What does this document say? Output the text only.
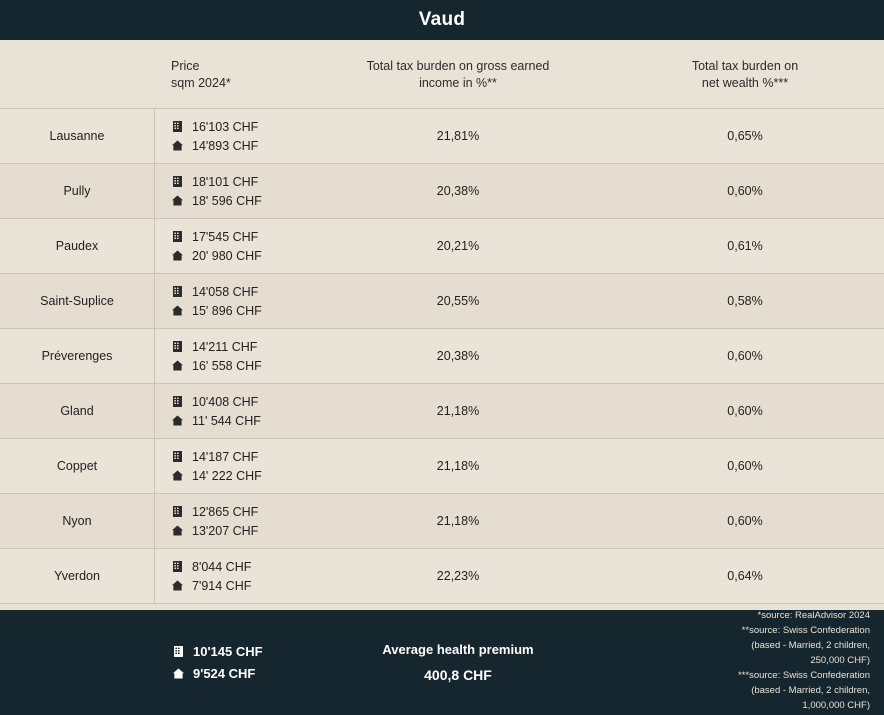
Vaud
Price
sqm 2024*
Total tax burden on gross earned
income in %**
Total tax burden on
net wealth %***
Lausanne
16'103 CHF
14'893 CHF
21,81%	0,65%
Pully
18'101 CHF
18' 596 CHF
20,38%	0,60%
Paudex
17'545 CHF
20' 980 CHF
20,21%	0,61%
Saint-Suplice
14'058 CHF
15' 896 CHF
20,55%	0,58%
Préverenges
14'211 CHF
16' 558 CHF
20,38%	0,60%
Gland
10'408 CHF
11' 544 CHF
21,18%	0,60%
Coppet
14'187 CHF
14' 222 CHF
21,18%	0,60%
Nyon
12'865 CHF
13'207 CHF
21,18%	0,60%
Yverdon
8'044 CHF
7'914 CHF
22,23%	0,64%
10'145 CHF
9'524 CHF
Average health premium
400,8 CHF

*source: RealAdvisor 2024

**source: Swiss Confederation

(based - Married, 2 children,

250,000 CHF)

***source: Swiss Confederation

(based - Married, 2 children,

1,000,000 CHF)
